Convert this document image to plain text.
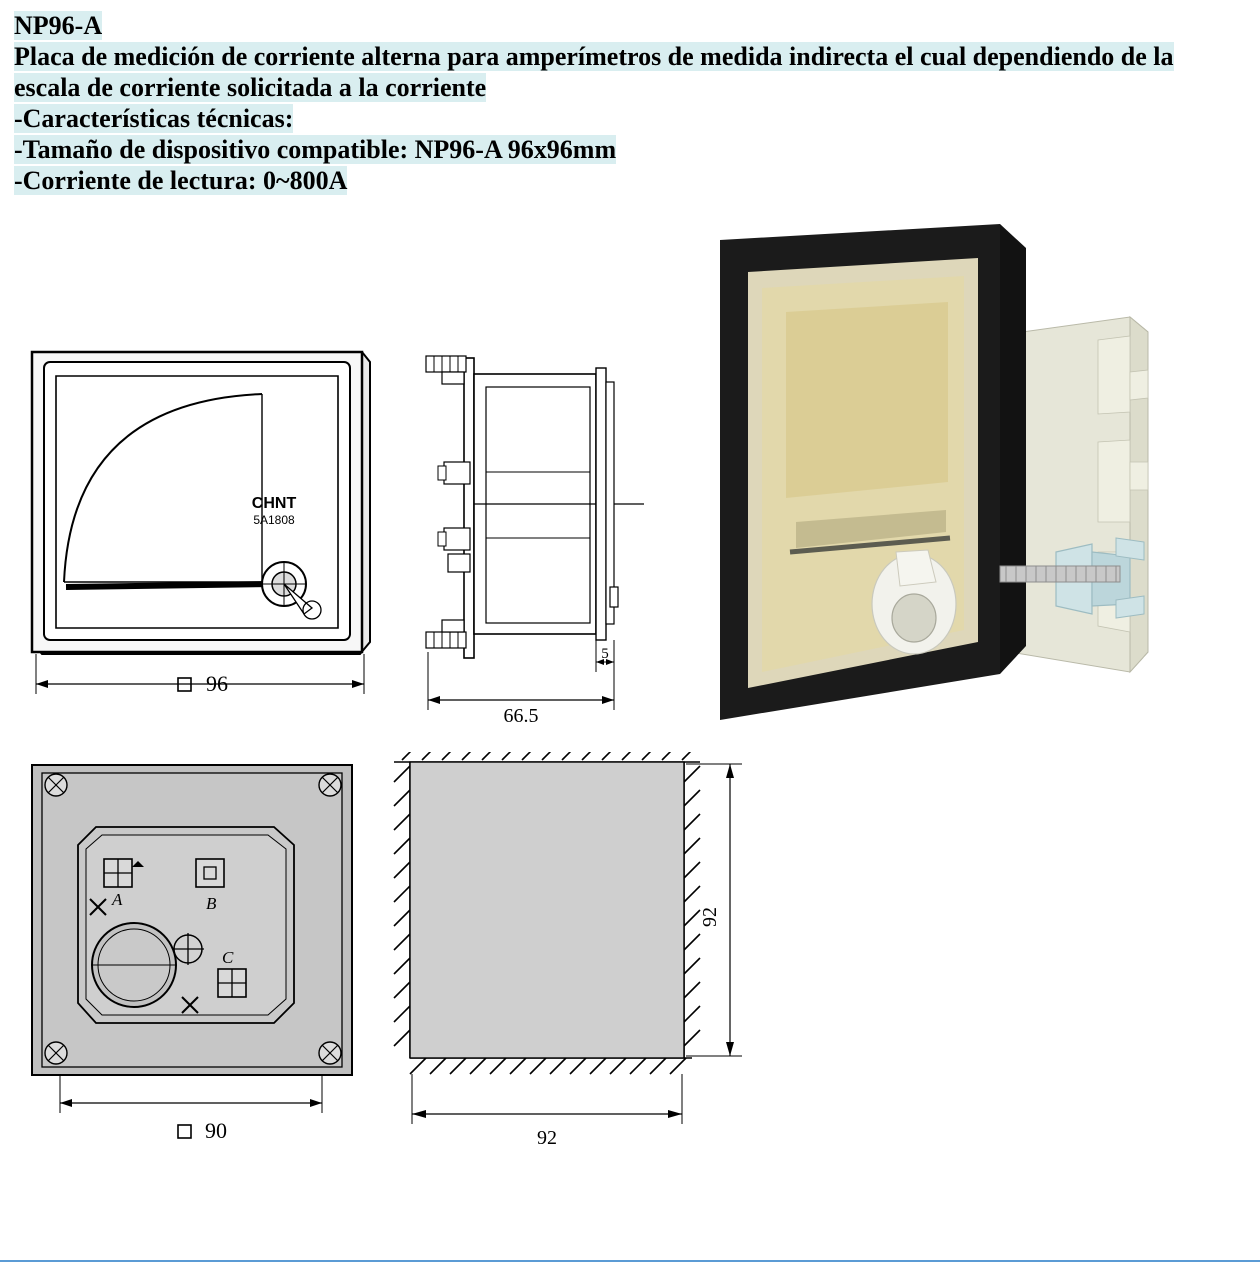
NP96-A

Placa de medición de corriente alterna para amperímetros de medida indirecta el cual dependiendo de la escala de corriente solicitada a la corriente

-Características técnicas:

-Tamaño de dispositivo compatible: NP96-A 96x96mm

-Corriente de lectura: 0~800A

CHNT
5A1808
96
5
66.5
A	B
C
90
92
92
